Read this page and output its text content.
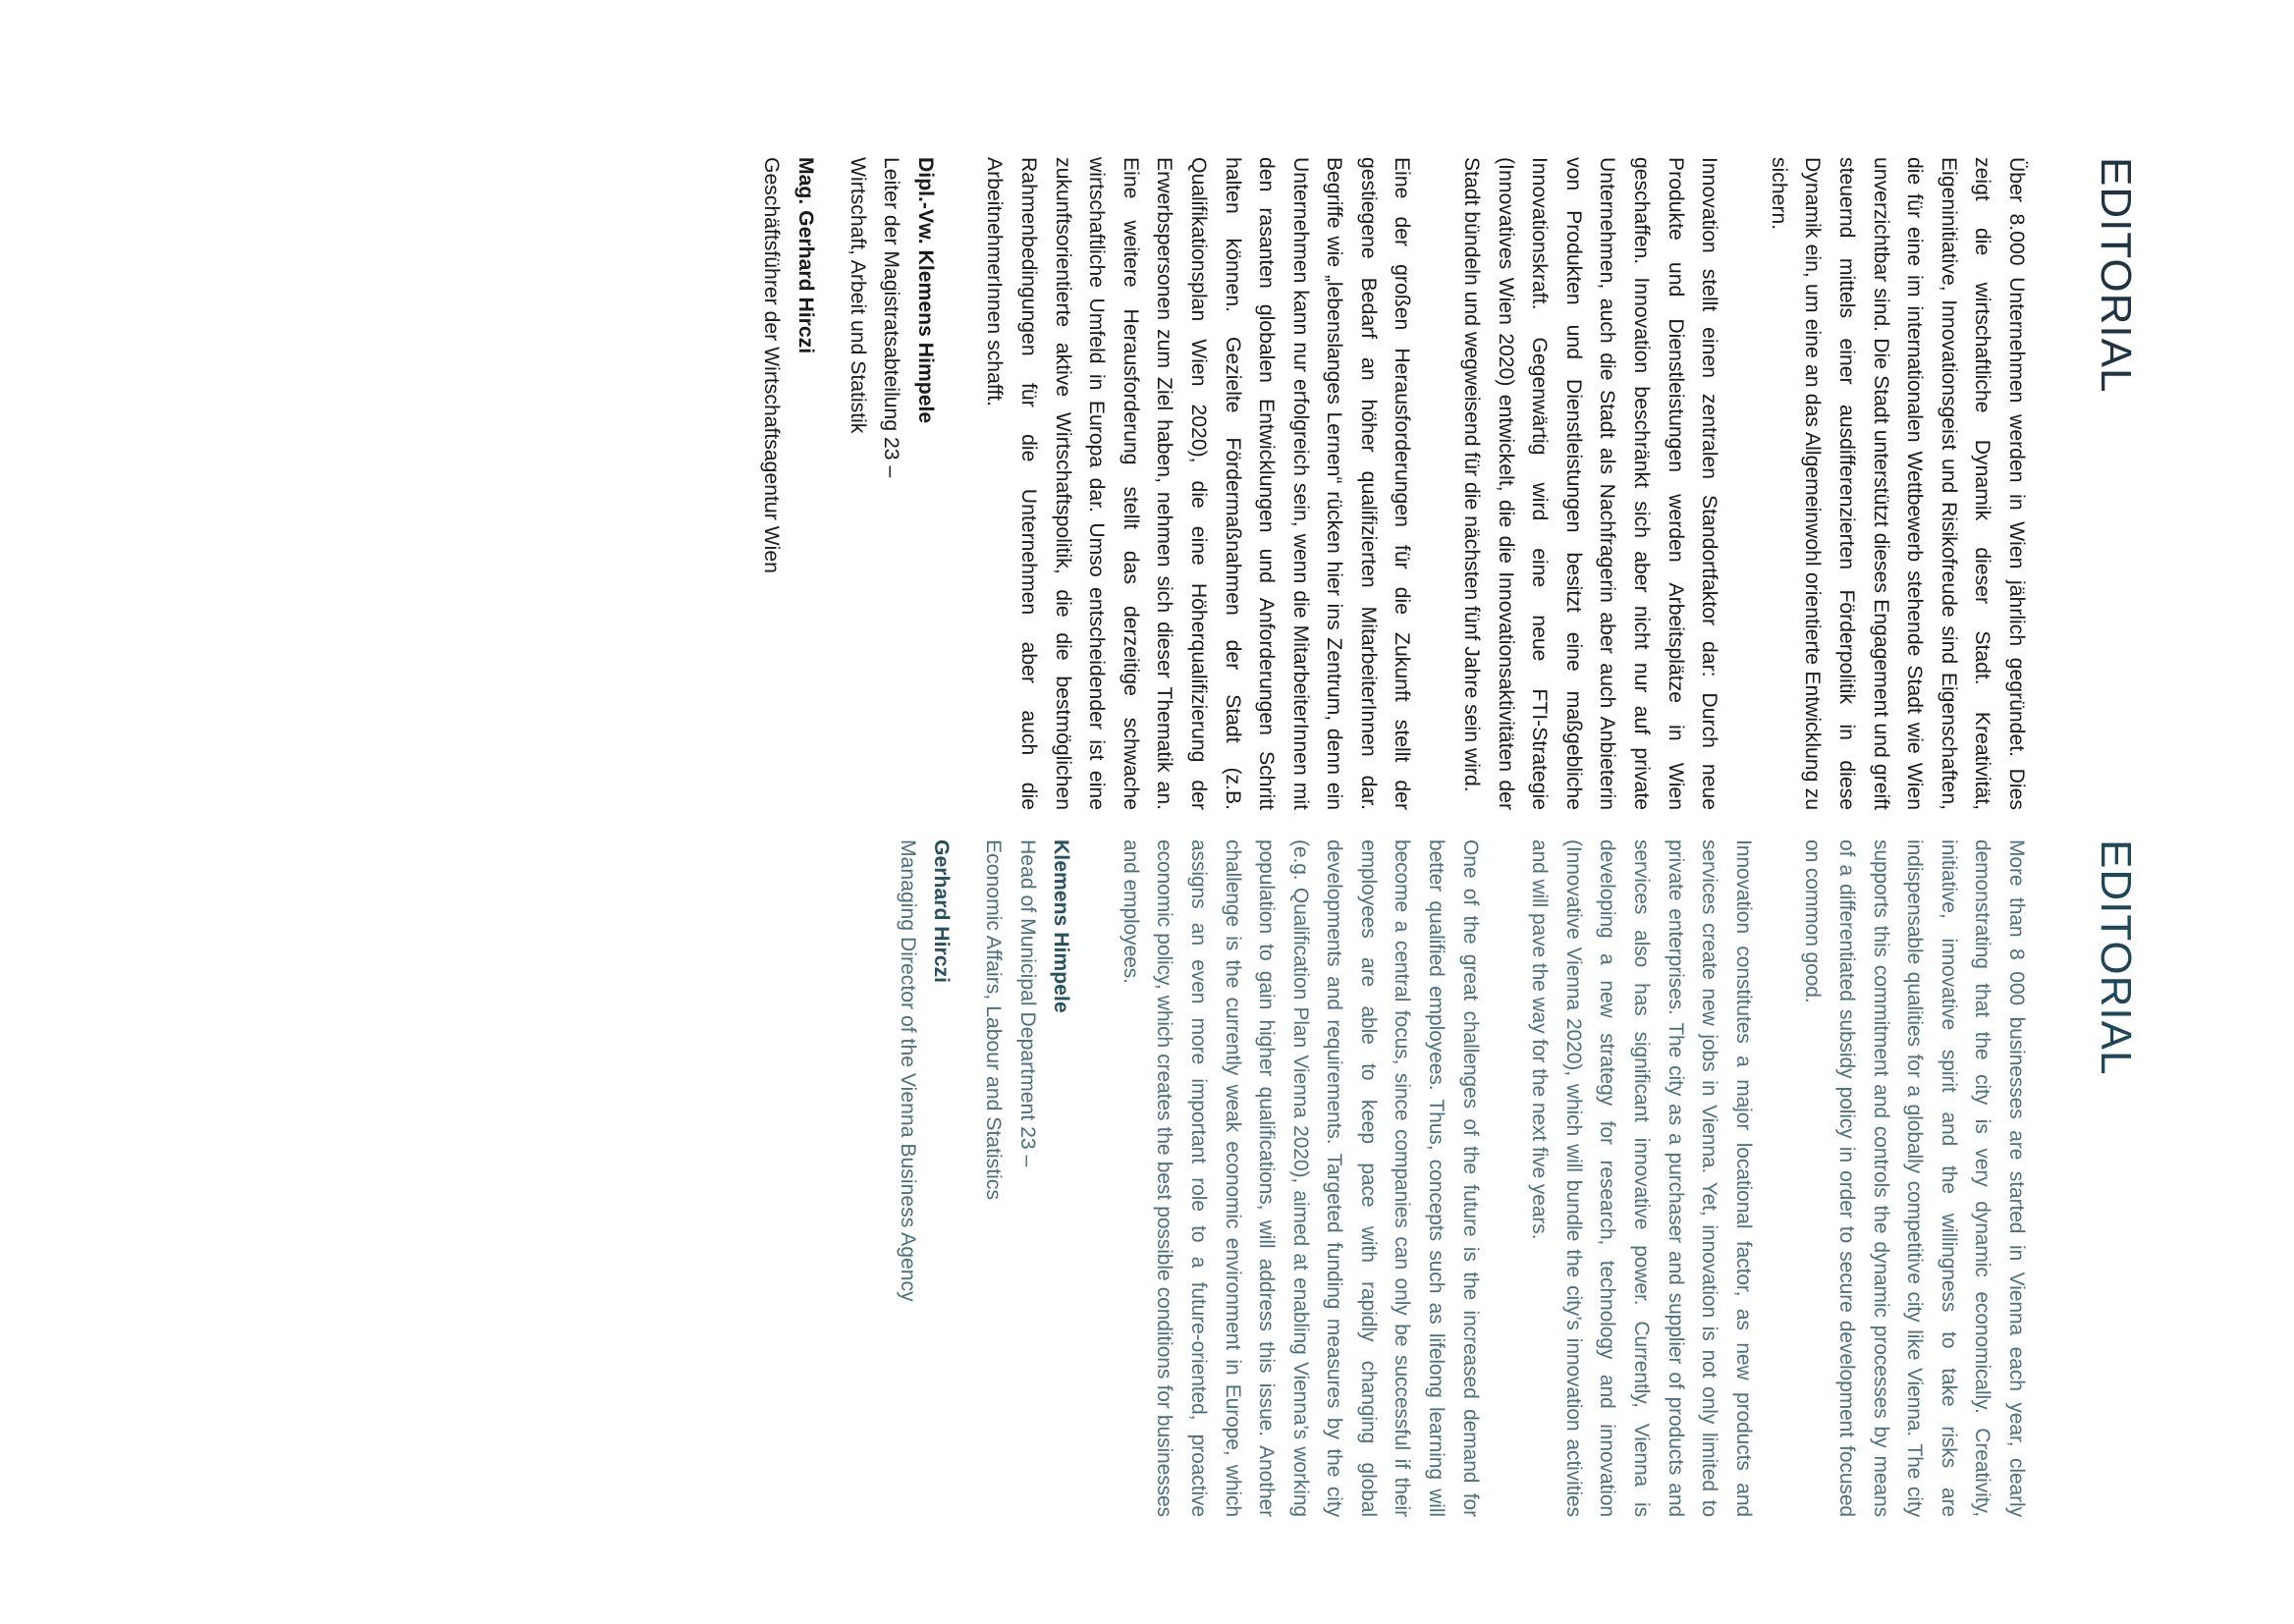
EDITORIAL

Über 8.000 Unternehmen werden in Wien jährlich gegründet. Dies zeigt die wirtschaftliche Dynamik dieser Stadt. Kreativität, Eigeninitiative, Innovationsgeist und Risikofreude sind Eigenschaften, die für eine im internationalen Wettbewerb stehende Stadt wie Wien unverzichtbar sind. Die Stadt unterstützt dieses Engagement und greift steuernd mittels einer ausdifferenzierten Förderpolitik in diese Dynamik ein, um eine an das Allgemeinwohl orientierte Entwicklung zu sichern.

Innovation stellt einen zentralen Standortfaktor dar: Durch neue Produkte und Dienstleistungen werden Arbeitsplätze in Wien geschaffen. Innovation beschränkt sich aber nicht nur auf private Unternehmen, auch die Stadt als Nachfragerin aber auch Anbieterin von Produkten und Dienstleistungen besitzt eine maßgebliche Innovationskraft. Gegenwärtig wird eine neue FTI-Strategie (Innovatives Wien 2020) entwickelt, die die Innovationsaktivitäten der Stadt bündeln und wegweisend für die nächsten fünf Jahre sein wird.

Eine der großen Herausforderungen für die Zukunft stellt der gestiegene Bedarf an höher qualifizierten MitarbeiterInnen dar. Begriffe wie „lebenslanges Lernen“ rücken hier ins Zentrum, denn ein Unternehmen kann nur erfolgreich sein, wenn die MitarbeiterInnen mit den rasanten globalen Entwicklungen und Anforderungen Schritt halten können. Gezielte Fördermaßnahmen der Stadt (z.B. Qualifikationsplan Wien 2020), die eine Höherqualifizierung der Erwerbspersonen zum Ziel haben, nehmen sich dieser Thematik an. Eine weitere Herausforderung stellt das derzeitige schwache wirtschaftliche Umfeld in Europa dar. Umso entscheidender ist eine zukunftsorientierte aktive Wirtschaftspolitik, die die bestmöglichen Rahmenbedingungen für die Unternehmen aber auch die ArbeitnehmerInnen schafft.

Dipl.-Vw. Klemens Himpele
Leiter der Magistratsabteilung 23 –
Wirtschaft, Arbeit und Statistik
Mag. Gerhard Hirczi
Geschäftsführer der Wirtschaftsagentur Wien
EDITORIAL

More than 8 000 businesses are started in Vienna each year, clearly demonstrating that the city is very dynamic economically. Creativity, initiative, innovative spirit and the willingness to take risks are indispensable qualities for a globally competitive city like Vienna. The city supports this commitment and controls the dynamic processes by means of a differentiated subsidy policy in order to secure development focused on common good.

Innovation constitutes a major locational factor, as new products and services create new jobs in Vienna. Yet, innovation is not only limited to private enterprises. The city as a purchaser and supplier of products and services also has significant innovative power. Currently, Vienna is developing a new strategy for research, technology and innovation (Innovative Vienna 2020), which will bundle the city’s innovation activities and will pave the way for the next five years.

One of the great challenges of the future is the increased demand for better qualified employees. Thus, concepts such as lifelong learning will become a central focus, since companies can only be successful if their employees are able to keep pace with rapidly changing global developments and requirements. Targeted funding measures by the city (e.g. Qualification Plan Vienna 2020), aimed at enabling Vienna’s working population to gain higher qualifications, will address this issue. Another challenge is the currently weak economic environment in Europe, which assigns an even more important role to a future-oriented, proactive economic policy, which creates the best possible conditions for businesses and employees.

Klemens Himpele
Head of Municipal Department 23 –
Economic Affairs, Labour and Statistics
Gerhard Hirczi
Managing Director of the Vienna Business Agency
